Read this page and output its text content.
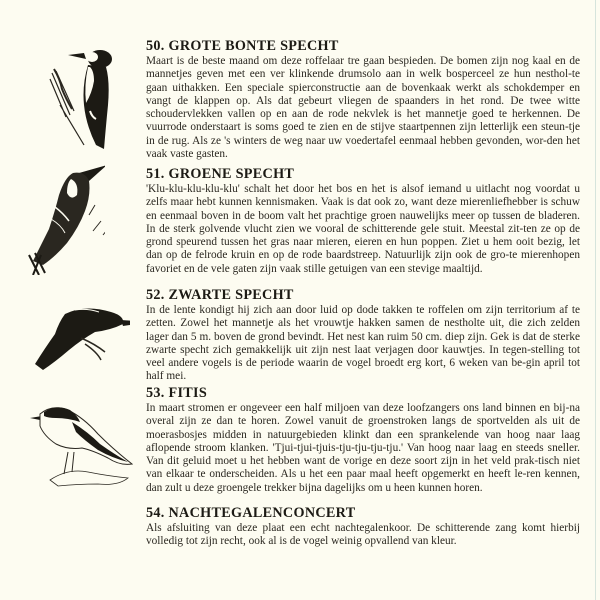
50. GROTE BONTE SPECHT

Maart is de beste maand om deze roffelaar tre gaan bespieden. De bomen zijn nog kaal en de mannetjes geven met een ver klinkende drumsolo aan in welk bosperceel ze hun nesthol-te gaan uithakken. Een speciale spierconstructie aan de bovenkaak werkt als schokdemper en vangt de klappen op. Als dat gebeurt vliegen de spaanders in het rond. De twee witte schoudervlekken vallen op en aan de rode nekvlek is het mannetje goed te herkennen. De vuurrode onderstaart is soms goed te zien en de stijve staartpennen zijn letterlijk een steun-tje in de rug. Als ze 's winters de weg naar uw voedertafel eenmaal hebben gevonden, wor-den het vaak vaste gasten.

51. GROENE SPECHT

'Klu-klu-klu-klu-klu' schalt het door het bos en het is alsof iemand u uitlacht nog voordat u zelfs maar hebt kunnen kennismaken. Vaak is dat ook zo, want deze mierenliefhebber is schuw en eenmaal boven in de boom valt het prachtige groen nauwelijks meer op tussen de bladeren. In de sterk golvende vlucht zien we vooral de schitterende gele stuit. Meestal zit-ten ze op de grond speurend tussen het gras naar mieren, eieren en hun poppen. Ziet u hem ooit bezig, let dan op de felrode kruin en op de rode baardstreep. Natuurlijk zijn ook de gro-te mierenhopen favoriet en de vele gaten zijn vaak stille getuigen van een stevige maaltijd.

52. ZWARTE SPECHT

In de lente kondigt hij zich aan door luid op dode takken te roffelen om zijn territorium af te zetten. Zowel het mannetje als het vrouwtje hakken samen de nestholte uit, die zich zelden lager dan 5 m. boven de grond bevindt. Het nest kan ruim 50 cm. diep zijn. Gek is dat de sterke zwarte specht zich gemakkelijk uit zijn nest laat verjagen door kauwtjes. In tegen-stelling tot veel andere vogels is de periode waarin de vogel broedt erg kort, 6 weken van be-gin april tot half mei.

53. FITIS

In maart stromen er ongeveer een half miljoen van deze loofzangers ons land binnen en bij-na overal zijn ze dan te horen. Zowel vanuit de groenstroken langs de sportvelden als uit de moerasbosjes midden in natuurgebieden klinkt dan een sprankelende van hoog naar laag aflopende stroom klanken. 'Tjui-tjui-tjuis-tju-tju-tju-tju.' Van hoog naar laag en steeds sneller. Van dit geluid moet u het hebben want de vorige en deze soort zijn in het veld prak-tisch niet van elkaar te onderscheiden. Als u het een paar maal heeft opgemerkt en heeft le-ren kennen, dan zult u deze groengele trekker bijna dagelijks om u heen kunnen horen.

54. NACHTEGALENCONCERT

Als afsluiting van deze plaat een echt nachtegalenkoor. De schitterende zang komt hierbij volledig tot zijn recht, ook al is de vogel weinig opvallend van kleur.
